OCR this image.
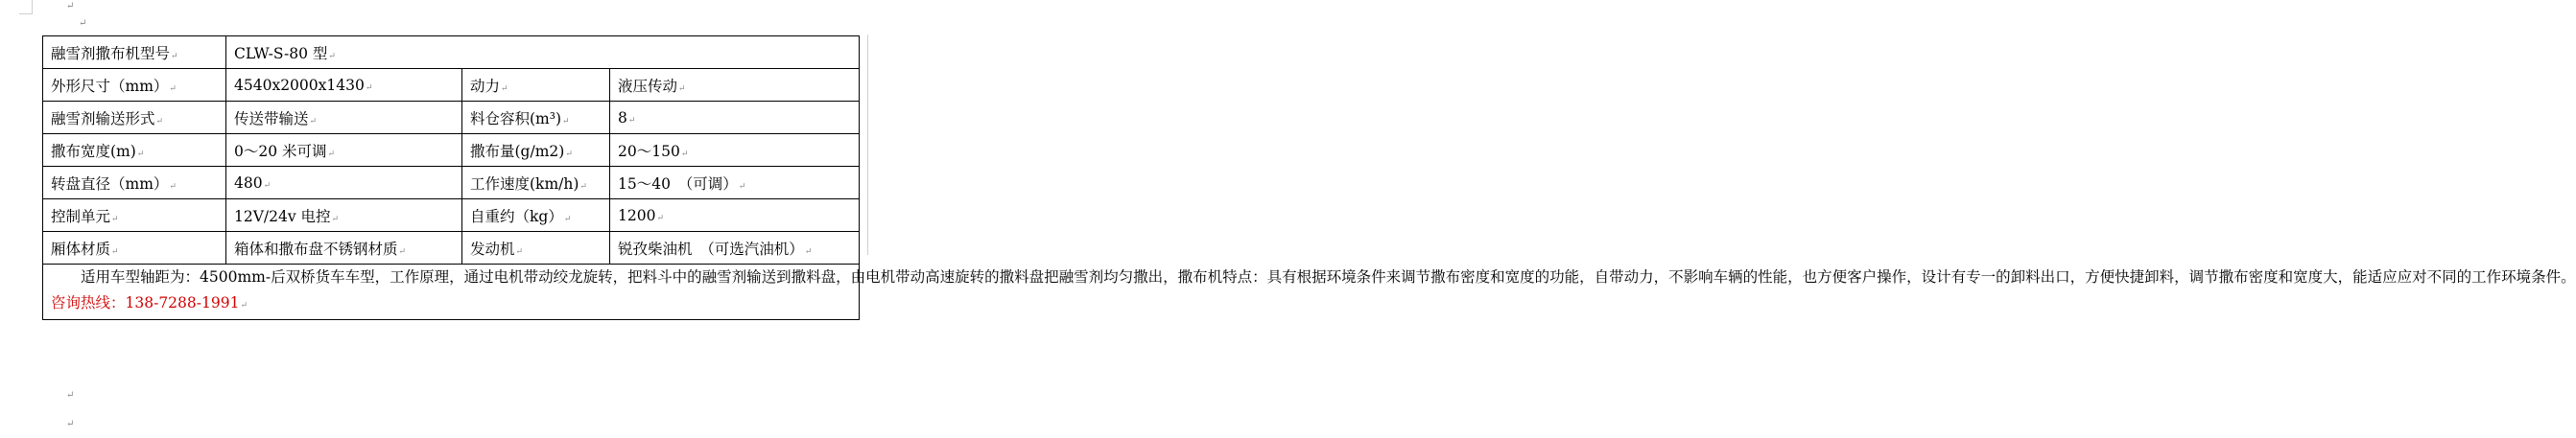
↵
↵
融雪剂撒布机型号↵	CLW-S-80 型↵		
外形尺寸（mm）↵	4540x2000x1430↵	动力↵	液压传动↵
融雪剂输送形式↵	传送带输送↵	料仓容积(m³)↵	8↵
撒布宽度(m)↵	0～20 米可调↵	撒布量(g/m2)↵	20～150↵
转盘直径（mm）↵	480↵	工作速度(km/h)↵	15～40　（可调）↵
控制单元↵	12V/24v 电控↵	自重约（kg）↵	1200↵
厢体材质↵	箱体和撒布盘不锈钢材质↵	发动机↵	锐孜柴油机　（可选汽油机）↵

适用车型轴距为：4500mm-后双桥货车车型，工作原理，通过电机带动绞龙旋转，把料斗中的融雪剂输送到撒料盘，由电机带动高速旋转的撒料盘把融雪剂均匀撒出，撒布机特点：具有根据环境条件来调节撒布密度和宽度的功能，自带动力，不影响车辆的性能，也方便客户操作，设计有专一的卸料出口，方便快捷卸料，调节撒布密度和宽度大，能适应应对不同的工作环境条件。
咨询热线：138-7288-1991↵			
↵
↵
